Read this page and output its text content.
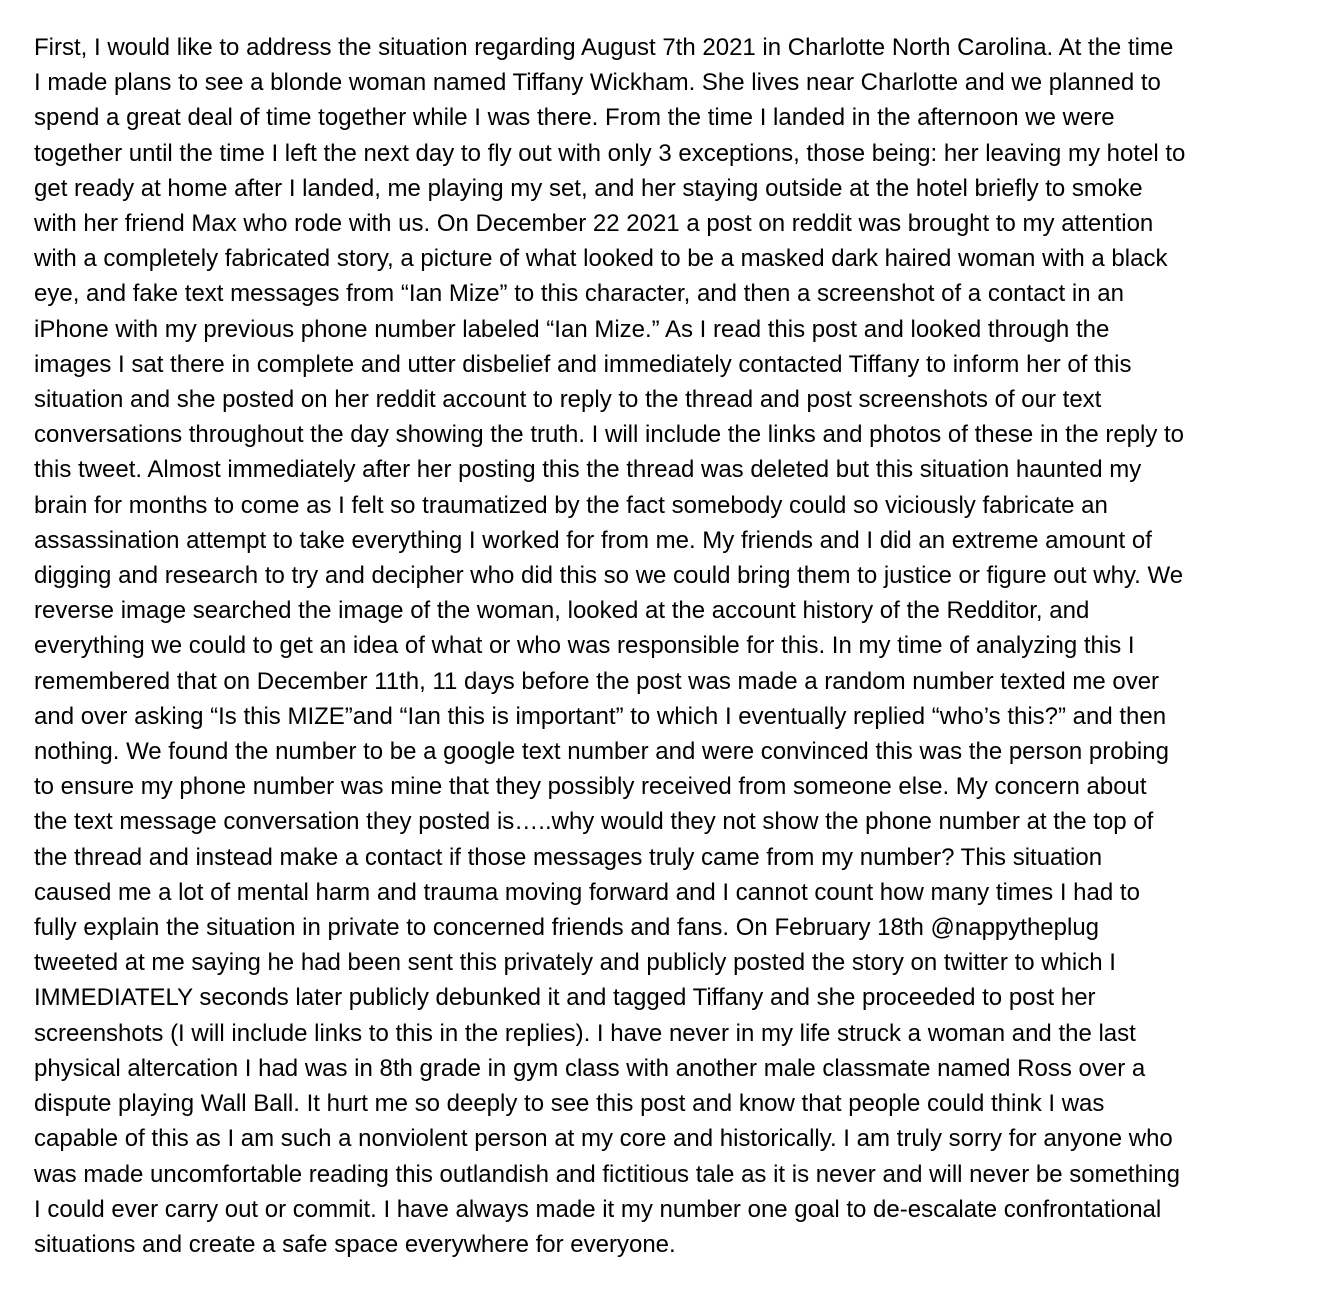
First, I would like to address the situation regarding August 7th 2021 in Charlotte North Carolina. At the time
I made plans to see a blonde woman named Tiffany Wickham. She lives near Charlotte and we planned to
spend a great deal of time together while I was there. From the time I landed in the afternoon we were
together until the time I left the next day to fly out with only 3 exceptions, those being: her leaving my hotel to
get ready at home after I landed, me playing my set, and her staying outside at the hotel briefly to smoke
with her friend Max who rode with us. On December 22 2021 a post on reddit was brought to my attention
with a completely fabricated story, a picture of what looked to be a masked dark haired woman with a black
eye, and fake text messages from “Ian Mize” to this character, and then a screenshot of a contact in an
iPhone with my previous phone number labeled “Ian Mize.” As I read this post and looked through the
images I sat there in complete and utter disbelief and immediately contacted Tiffany to inform her of this
situation and she posted on her reddit account to reply to the thread and post screenshots of our text
conversations throughout the day showing the truth. I will include the links and photos of these in the reply to
this tweet. Almost immediately after her posting this the thread was deleted but this situation haunted my
brain for months to come as I felt so traumatized by the fact somebody could so viciously fabricate an
assassination attempt to take everything I worked for from me. My friends and I did an extreme amount of
digging and research to try and decipher who did this so we could bring them to justice or figure out why. We
reverse image searched the image of the woman, looked at the account history of the Redditor, and
everything we could to get an idea of what or who was responsible for this. In my time of analyzing this I
remembered that on December 11th, 11 days before the post was made a random number texted me over
and over asking “Is this MIZE”and “Ian this is important” to which I eventually replied “who’s this?” and then
nothing. We found the number to be a google text number and were convinced this was the person probing
to ensure my phone number was mine that they possibly received from someone else. My concern about
the text message conversation they posted is…..why would they not show the phone number at the top of
the thread and instead make a contact if those messages truly came from my number? This situation
caused me a lot of mental harm and trauma moving forward and I cannot count how many times I had to
fully explain the situation in private to concerned friends and fans. On February 18th @nappytheplug
tweeted at me saying he had been sent this privately and publicly posted the story on twitter to which I
IMMEDIATELY seconds later publicly debunked it and tagged Tiffany and she proceeded to post her
screenshots (I will include links to this in the replies). I have never in my life struck a woman and the last
physical altercation I had was in 8th grade in gym class with another male classmate named Ross over a
dispute playing Wall Ball. It hurt me so deeply to see this post and know that people could think I was
capable of this as I am such a nonviolent person at my core and historically. I am truly sorry for anyone who
was made uncomfortable reading this outlandish and fictitious tale as it is never and will never be something
I could ever carry out or commit. I have always made it my number one goal to de-escalate confrontational
situations and create a safe space everywhere for everyone.
